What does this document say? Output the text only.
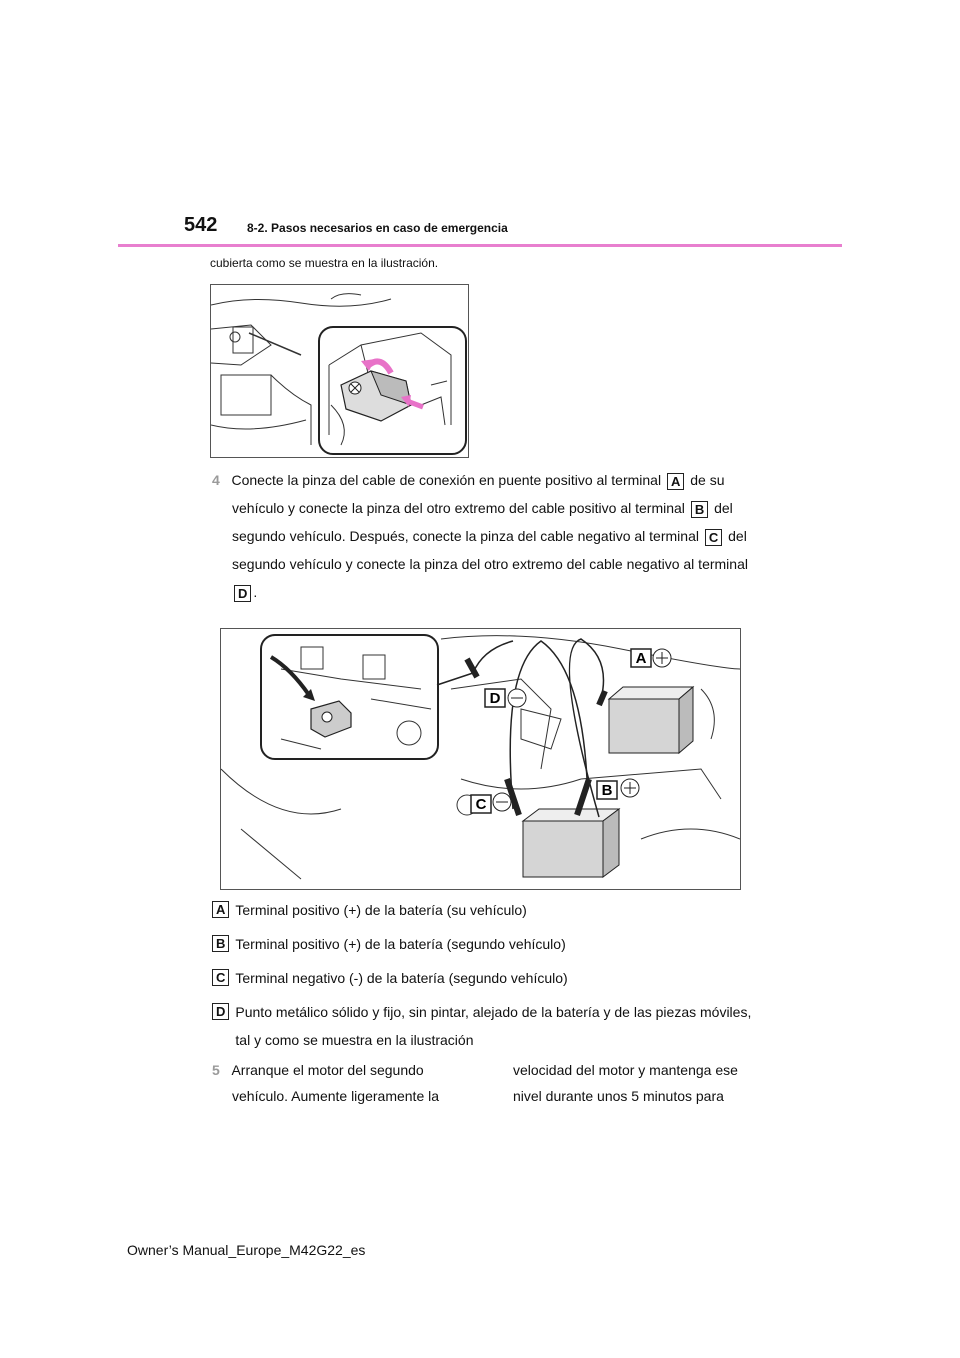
542 8-2. Pasos necesarios en caso de emergencia
cubierta como se muestra en la ilustración.
4 Conecte la pinza del cable de conexión en puente positivo al terminal A de su vehículo y conecte la pinza del otro extremo del cable positivo al terminal B del segundo vehículo. Después, conecte la pinza del cable negativo al terminal C del segundo vehículo y conecte la pinza del otro extremo del cable negativo al terminal D .
A
D
C
B
A Terminal positivo (+) de la batería (su vehículo)
B Terminal positivo (+) de la batería (segundo vehículo)
C Terminal negativo (-) de la batería (segundo vehículo)
D Punto metálico sólido y fijo, sin pintar, alejado de la batería y de las piezas móviles, tal y como se muestra en la ilustración
5 Arranque el motor del segundo
vehículo. Aumente ligeramente la
velocidad del motor y mantenga ese
nivel durante unos 5 minutos para
Owner’s Manual_Europe_M42G22_es
